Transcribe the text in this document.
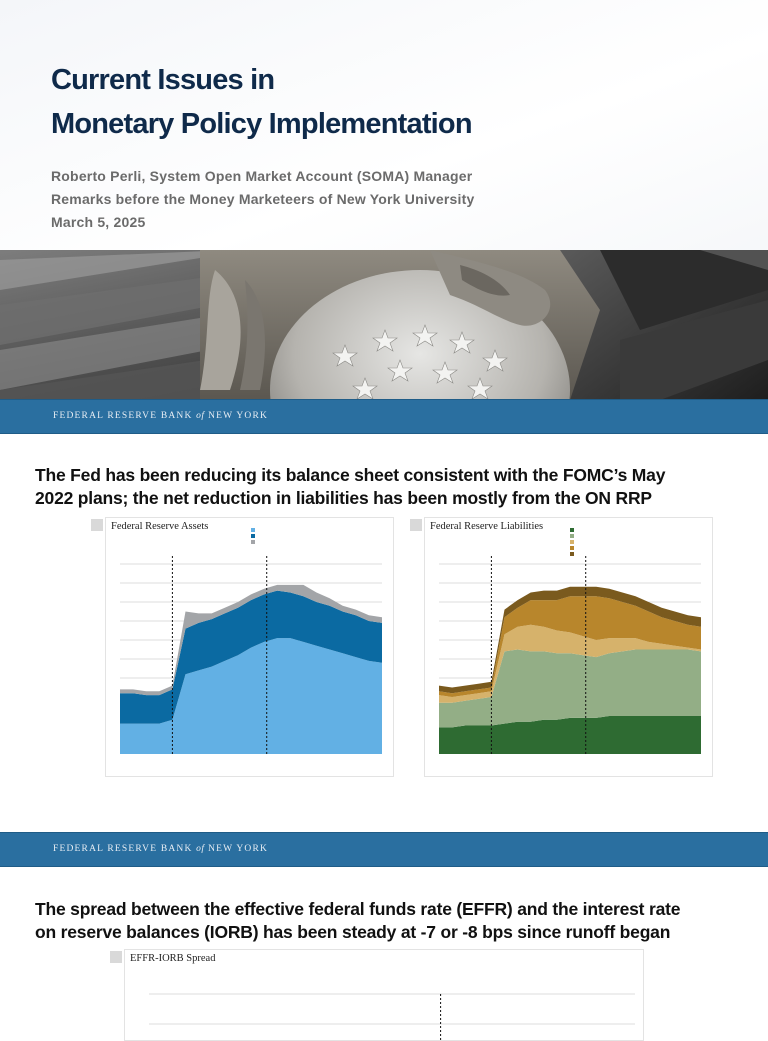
Current Issues in
Monetary Policy Implementation
Roberto Perli, System Open Market Account (SOMA) Manager
Remarks before the Money Marketeers of New York University
March 5, 2025
FEDERAL RESERVE BANK of NEW YORK
The Fed has been reducing its balance sheet consistent with the FOMC’s May
2022 plans; the net reduction in liabilities has been mostly from the ON RRP
Federal Reserve Assets	Federal Reserve Liabilities
FEDERAL RESERVE BANK of NEW YORK
The spread between the effective federal funds rate (EFFR) and the interest rate
on reserve balances (IORB) has been steady at -7 or -8 bps since runoff began
EFFR-IORB Spread
